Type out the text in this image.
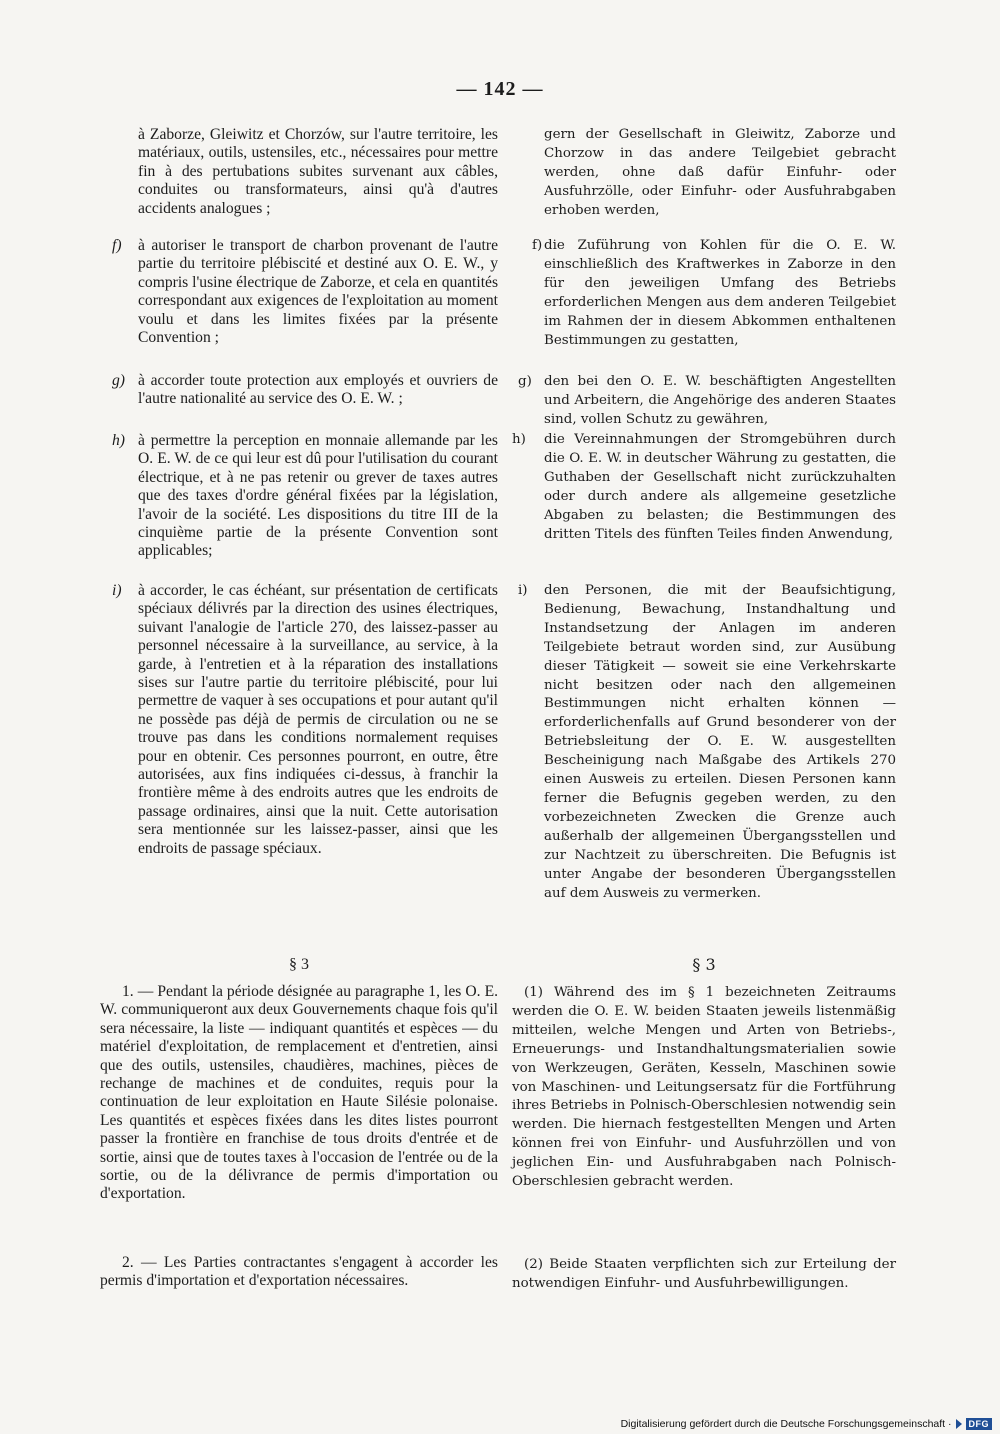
— 142 —
à Zaborze, Gleiwitz et Chorzów, sur l'autre territoire, les matériaux, outils, ustensiles, etc., nécessaires pour mettre fin à des pertubations subites survenant aux câbles, conduites ou transformateurs, ainsi qu'à d'autres accidents analogues ;
f) à autoriser le transport de charbon provenant de l'autre partie du territoire plébiscité et destiné aux O. E. W., y compris l'usine électrique de Zaborze, et cela en quantités correspondant aux exigences de l'exploitation au moment voulu et dans les limites fixées par la présente Convention ;
g) à accorder toute protection aux employés et ouvriers de l'autre nationalité au service des O. E. W. ;
h) à permettre la perception en monnaie allemande par les O. E. W. de ce qui leur est dû pour l'utilisation du courant électrique, et à ne pas retenir ou grever de taxes autres que des taxes d'ordre général fixées par la législation, l'avoir de la société. Les dispositions du titre III de la cinquième partie de la présente Convention sont applicables;
i) à accorder, le cas échéant, sur présentation de certificats spéciaux délivrés par la direction des usines électriques, suivant l'analogie de l'article 270, des laissez-passer au personnel nécessaire à la surveillance, au service, à la garde, à l'entretien et à la réparation des installations sises sur l'autre partie du territoire plébiscité, pour lui permettre de vaquer à ses occupations et pour autant qu'il ne possède pas déjà de permis de circulation ou ne se trouve pas dans les conditions normalement requises pour en obtenir. Ces personnes pourront, en outre, être autorisées, aux fins indiquées ci-dessus, à franchir la frontière même à des endroits autres que les endroits de passage ordinaires, ainsi que la nuit. Cette autorisation sera mentionnée sur les laissez-passer, ainsi que les endroits de passage spéciaux.
§ 3
1. — Pendant la période désignée au paragraphe 1, les O. E. W. communiqueront aux deux Gouvernements chaque fois qu'il sera nécessaire, la liste — indiquant quantités et espèces — du matériel d'exploitation, de remplacement et d'entretien, ainsi que des outils, ustensiles, chaudières, machines, pièces de rechange de machines et de conduites, requis pour la continuation de leur exploitation en Haute Silésie polonaise. Les quantités et espèces fixées dans les dites listes pourront passer la frontière en franchise de tous droits d'entrée et de sortie, ainsi que de toutes taxes à l'occasion de l'entrée ou de la sortie, ou de la délivrance de permis d'importation ou d'exportation.
2. — Les Parties contractantes s'engagent à accorder les permis d'importation et d'exportation nécessaires.
gern der Gesellschaft in Gleiwitz, Zaborze und Chorzow in das andere Teilgebiet gebracht werden, ohne daß dafür Einfuhr- oder Ausfuhrzölle, oder Einfuhr- oder Ausfuhrabgaben erhoben werden,
f) die Zuführung von Kohlen für die O. E. W. einschließlich des Kraftwerkes in Zaborze in den für den jeweiligen Umfang des Betriebs erforderlichen Mengen aus dem anderen Teilgebiet im Rahmen der in diesem Abkommen enthaltenen Bestimmungen zu gestatten,
g) den bei den O. E. W. beschäftigten Angestellten und Arbeitern, die Angehörige des anderen Staates sind, vollen Schutz zu gewähren,
h) die Vereinnahmungen der Stromgebühren durch die O. E. W. in deutscher Währung zu gestatten, die Guthaben der Gesellschaft nicht zurückzuhalten oder durch andere als allgemeine gesetzliche Abgaben zu belasten; die Bestimmungen des dritten Titels des fünften Teiles finden Anwendung,
i) den Personen, die mit der Beaufsichtigung, Bedienung, Bewachung, Instandhaltung und Instandsetzung der Anlagen im anderen Teilgebiete betraut worden sind, zur Ausübung dieser Tätigkeit — soweit sie eine Verkehrskarte nicht besitzen oder nach den allgemeinen Bestimmungen nicht erhalten können — erforderlichenfalls auf Grund besonderer von der Betriebsleitung der O. E. W. ausgestellten Bescheinigung nach Maßgabe des Artikels 270 einen Ausweis zu erteilen. Diesen Personen kann ferner die Befugnis gegeben werden, zu den vorbezeichneten Zwecken die Grenze auch außerhalb der allgemeinen Übergangsstellen und zur Nachtzeit zu überschreiten. Die Befugnis ist unter Angabe der besonderen Übergangsstellen auf dem Ausweis zu vermerken.
§ 3
(1) Während des im § 1 bezeichneten Zeitraums werden die O. E. W. beiden Staaten jeweils listenmäßig mitteilen, welche Mengen und Arten von Betriebs-, Erneuerungs- und Instandhaltungsmaterialien sowie von Werkzeugen, Geräten, Kesseln, Maschinen sowie von Maschinen- und Leitungsersatz für die Fortführung ihres Betriebs in Polnisch-Oberschlesien notwendig sein werden. Die hiernach festgestellten Mengen und Arten können frei von Einfuhr- und Ausfuhrzöllen und von jeglichen Ein- und Ausfuhrabgaben nach Polnisch-Oberschlesien gebracht werden.
(2) Beide Staaten verpflichten sich zur Erteilung der notwendigen Einfuhr- und Ausfuhrbewilligungen.
Digitalisierung gefördert durch die Deutsche Forschungsgemeinschaft ·	DFG
